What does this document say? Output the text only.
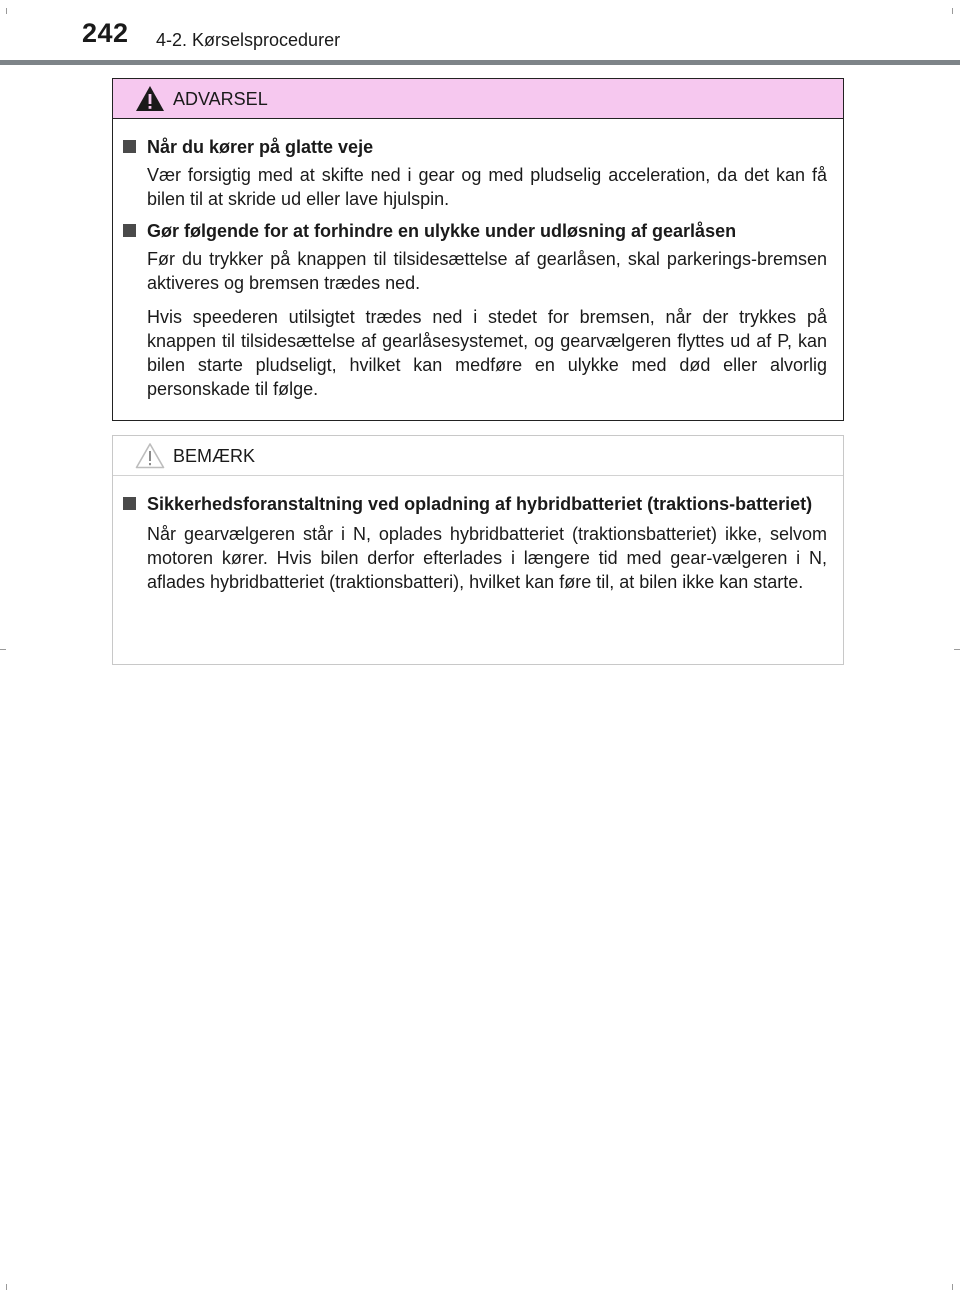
242 4-2. Kørselsprocedurer
ADVARSEL
Når du kører på glatte veje
Vær forsigtig med at skifte ned i gear og med pludselig acceleration, da det kan få bilen til at skride ud eller lave hjulspin.
Gør følgende for at forhindre en ulykke under udløsning af gearlåsen
Før du trykker på knappen til tilsidesættelse af gearlåsen, skal parkerings-bremsen aktiveres og bremsen trædes ned.
Hvis speederen utilsigtet trædes ned i stedet for bremsen, når der trykkes på knappen til tilsidesættelse af gearlåsesystemet, og gearvælgeren flyttes ud af P, kan bilen starte pludseligt, hvilket kan medføre en ulykke med død eller alvorlig personskade til følge.
BEMÆRK
Sikkerhedsforanstaltning ved opladning af hybridbatteriet (traktions-batteriet)
Når gearvælgeren står i N, oplades hybridbatteriet (traktionsbatteriet) ikke, selvom motoren kører. Hvis bilen derfor efterlades i længere tid med gear-vælgeren i N, aflades hybridbatteriet (traktionsbatteri), hvilket kan føre til, at bilen ikke kan starte.
